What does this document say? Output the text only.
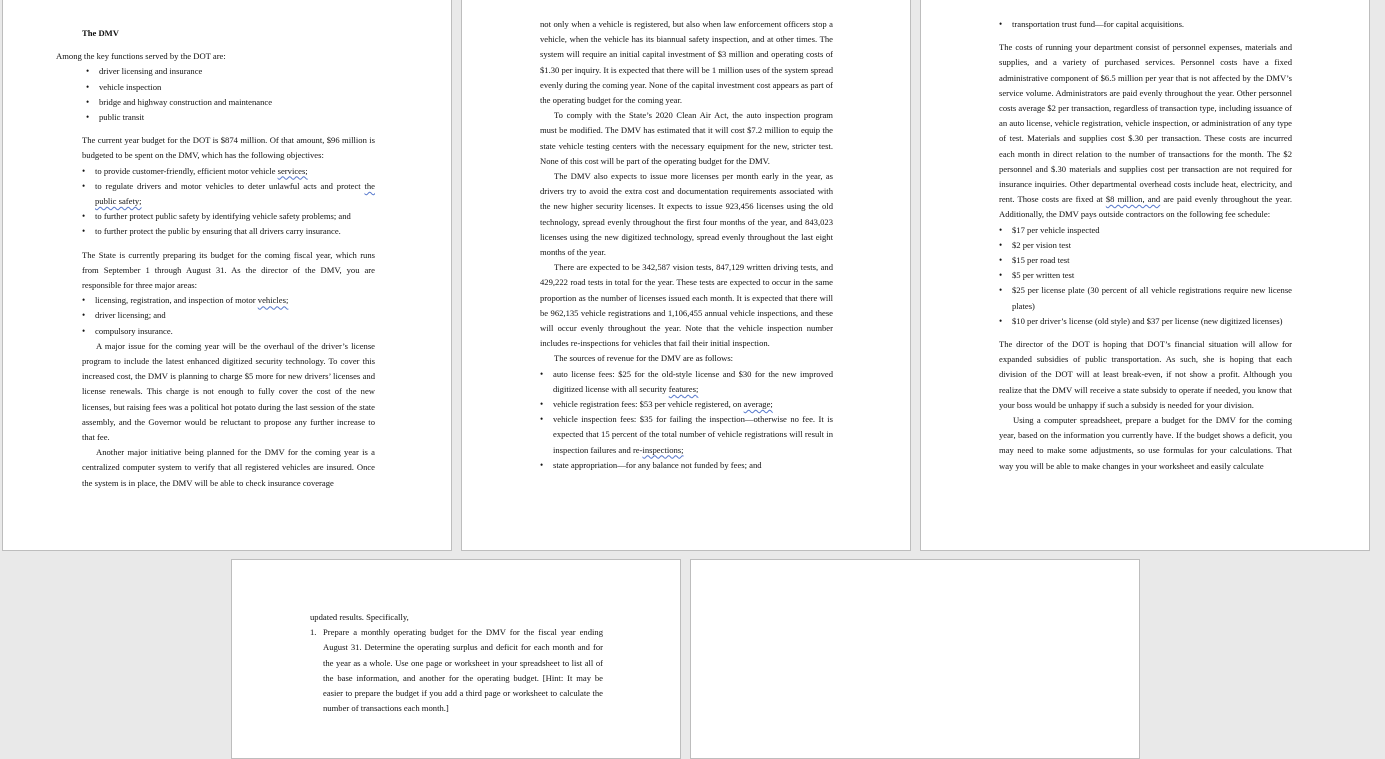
The DMV

Among the key functions served by the DOT are:

• driver licensing and insurance
• vehicle inspection
• bridge and highway construction and maintenance
• public transit

The current year budget for the DOT is $874 million. Of that amount, $96 million is budgeted to be spent on the DMV, which has the following objectives:

• to provide customer-friendly, efficient motor vehicle services;
• to regulate drivers and motor vehicles to deter unlawful acts and protect the public safety;
• to further protect public safety by identifying vehicle safety problems; and
• to further protect the public by ensuring that all drivers carry insurance.

The State is currently preparing its budget for the coming fiscal year, which runs from September 1 through August 31. As the director of the DMV, you are responsible for three major areas:

• licensing, registration, and inspection of motor vehicles;
• driver licensing; and
• compulsory insurance.

A major issue for the coming year will be the overhaul of the driver’s license program to include the latest enhanced digitized security technology. To cover this increased cost, the DMV is planning to charge $5 more for new drivers’ licenses and license renewals. This charge is not enough to fully cover the cost of the new licenses, but raising fees was a political hot potato during the last session of the state assembly, and the Governor would be reluctant to propose any further increase to that fee.

Another major initiative being planned for the DMV for the coming year is a centralized computer system to verify that all registered vehicles are insured. Once the system is in place, the DMV will be able to check insurance coverage

not only when a vehicle is registered, but also when law enforcement officers stop a vehicle, when the vehicle has its biannual safety inspection, and at other times. The system will require an initial capital investment of $3 million and operating costs of $1.30 per inquiry. It is expected that there will be 1 million uses of the system spread evenly during the coming year. None of the capital investment cost appears as part of the operating budget for the coming year.

To comply with the State’s 2020 Clean Air Act, the auto inspection program must be modified. The DMV has estimated that it will cost $7.2 million to equip the state vehicle testing centers with the necessary equipment for the new, stricter test. None of this cost will be part of the operating budget for the DMV.

The DMV also expects to issue more licenses per month early in the year, as drivers try to avoid the extra cost and documentation requirements associated with the new higher security licenses. It expects to issue 923,456 licenses using the old technology, spread evenly throughout the first four months of the year, and 843,023 licenses using the new digitized technology, spread evenly throughout the last eight months of the year.

There are expected to be 342,587 vision tests, 847,129 written driving tests, and 429,222 road tests in total for the year. These tests are expected to occur in the same proportion as the number of licenses issued each month. It is expected that there will be 962,135 vehicle registrations and 1,106,455 annual vehicle inspections, and these will occur evenly throughout the year. Note that the vehicle inspection number includes re-inspections for vehicles that fail their initial inspection.

The sources of revenue for the DMV are as follows:

• auto license fees: $25 for the old-style license and $30 for the new improved digitized license with all security features;
• vehicle registration fees: $53 per vehicle registered, on average;
• vehicle inspection fees: $35 for failing the inspection—otherwise no fee. It is expected that 15 percent of the total number of vehicle registrations will result in inspection failures and re-inspections;
• state appropriation—for any balance not funded by fees; and
• transportation trust fund—for capital acquisitions.

The costs of running your department consist of personnel expenses, materials and supplies, and a variety of purchased services. Personnel costs have a fixed administrative component of $6.5 million per year that is not affected by the DMV’s service volume. Administrators are paid evenly throughout the year. Other personnel costs average $2 per transaction, regardless of transaction type, including issuance of an auto license, vehicle registration, vehicle inspection, or administration of any type of test. Materials and supplies cost $.30 per transaction. These costs are incurred each month in direct relation to the number of transactions for the month. The $2 personnel and $.30 materials and supplies cost per transaction are not required for insurance inquiries. Other departmental overhead costs include heat, electricity, and rent. Those costs are fixed at $8 million, and are paid evenly throughout the year. Additionally, the DMV pays outside contractors on the following fee schedule:

• $17 per vehicle inspected
• $2 per vision test
• $15 per road test
• $5 per written test
• $25 per license plate (30 percent of all vehicle registrations require new license plates)
• $10 per driver’s license (old style) and $37 per license (new digitized licenses)

The director of the DOT is hoping that DOT’s financial situation will allow for expanded subsidies of public transportation. As such, she is hoping that each division of the DOT will at least break-even, if not show a profit. Although you realize that the DMV will receive a state subsidy to operate if needed, you know that your boss would be unhappy if such a subsidy is needed for your division.

Using a computer spreadsheet, prepare a budget for the DMV for the coming year, based on the information you currently have. If the budget shows a deficit, you may need to make some adjustments, so use formulas for your calculations. That way you will be able to make changes in your worksheet and easily calculate

updated results. Specifically,

1. Prepare a monthly operating budget for the DMV for the fiscal year ending August 31. Determine the operating surplus and deficit for each month and for the year as a whole. Use one page or worksheet in your spreadsheet to list all of the base information, and another for the operating budget. [Hint: It may be easier to prepare the budget if you add a third page or worksheet to calculate the number of transactions each month.]
